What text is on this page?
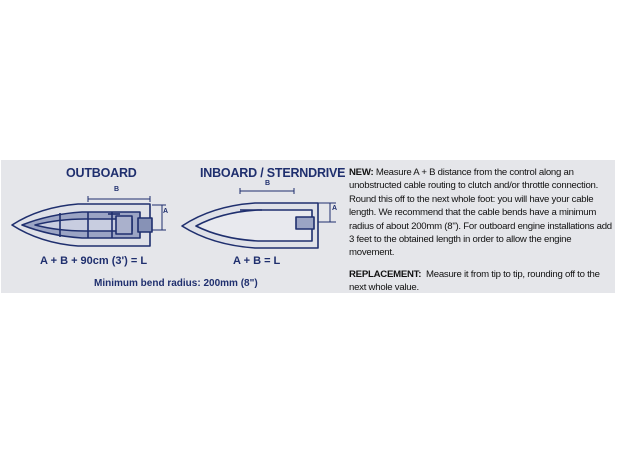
OUTBOARD	INBOARD / STERNDRIVE
B
A
B
A
A + B + 90cm (3') = L	A + B = L
Minimum bend radius: 200mm (8")

NEW: Measure A + B distance from the control along an unobstructed cable routing to clutch and/or throttle connection. Round this off to the next whole foot: you will have your cable length. We recommend that the cable bends have a minimum radius of about 200mm (8"). For outboard engine installations add 3 feet to the obtained length in order to allow the engine movement.

REPLACEMENT: Measure it from tip to tip, rounding off to the next whole value.
